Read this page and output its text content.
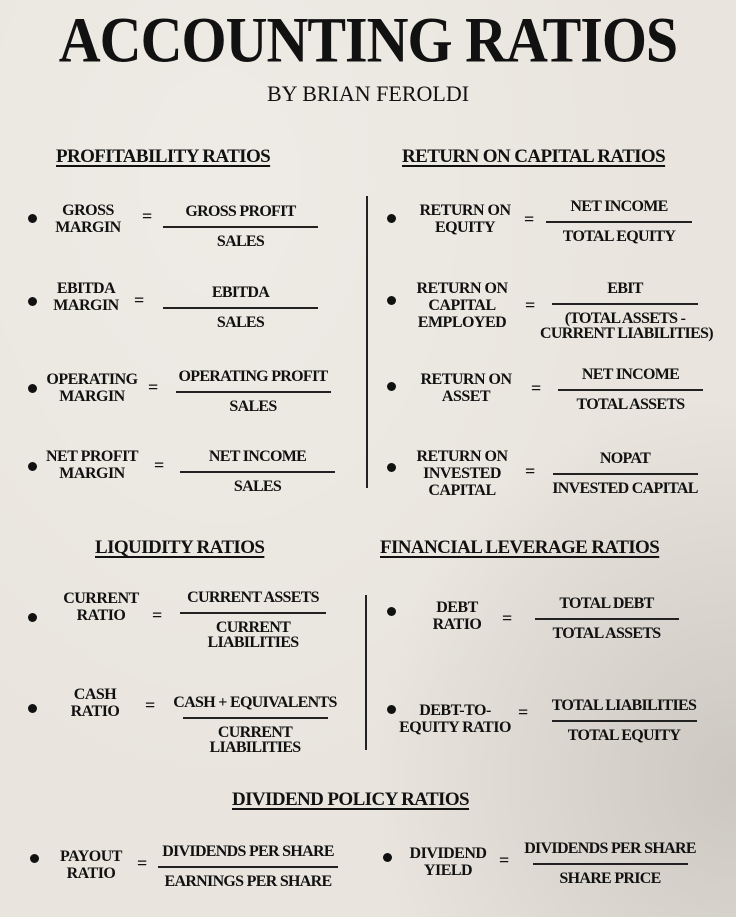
ACCOUNTING RATIOS
BY BRIAN FEROLDI
PROFITABILITY RATIOS	RETURN ON CAPITAL RATIOS
LIQUIDITY RATIOS	FINANCIAL LEVERAGE RATIOS
DIVIDEND POLICY RATIOS
GROSS
MARGIN
=	GROSS PROFIT
SALES
EBITDA
MARGIN =	EBITDA
SALES
OPERATING
MARGIN	=
OPERATING PROFIT
SALES
NET PROFIT
MARGIN	=	NET INCOME
SALES
RETURN ON
EQUITY	=
NET INCOME
TOTAL EQUITY
RETURN ON
CAPITAL
EMPLOYED
=
EBIT
(TOTAL ASSETS -
CURRENT LIABILITIES)
RETURN ON
ASSET	=
NET INCOME
TOTAL ASSETS
RETURN ON
INVESTED
CAPITAL
=
NOPAT
INVESTED CAPITAL
CURRENT
RATIO	=
CURRENT ASSETS
CURRENT
LIABILITIES
CASH
RATIO	=	CASH + EQUIVALENTS
CURRENT
LIABILITIES
DEBT
RATIO	=
TOTAL DEBT
TOTAL ASSETS
DEBT-TO-
EQUITY RATIO
=	TOTAL LIABILITIES
TOTAL EQUITY
PAYOUT
RATIO
=
DIVIDENDS PER SHARE
EARNINGS PER SHARE
DIVIDEND
YIELD
=
DIVIDENDS PER SHARE
SHARE PRICE
